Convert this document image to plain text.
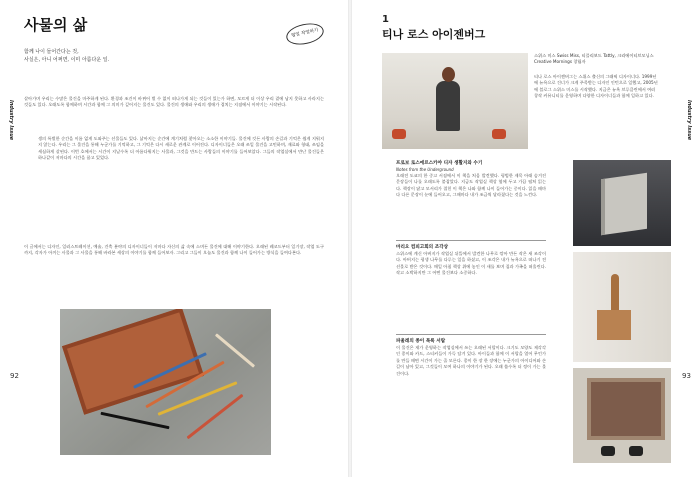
사물의 삶	협업 작업하기
함께 나이 들어간다는 것,
사실은, 아니 어쩌면, 이미 아름다운 일.
Industry Issue
살아가며 우리는 수많은 물건을 마주하게 된다. 환경과 조건이 바뀌어 별 수 없이 떠나가게 되는 것들이 있는가 하면, 모르게 더 이상 우리 곁에 남지 못하고 사라지는 것들도 있다. 오래도록 함께하며 시간과 함께 그 의미가 깊어지는 물건도 있다. 물건의 생애와 우리의 생애가 겹치는 지점에서 이야기는 시작된다.
생의 특별한 순간을 이름 없게 도와주는 선물들도 있다. 낡아지는 순간에 계기처럼 찾아오는 소소한 이야기들. 물건에 깃든 사람의 손길과 기억은 쉽게 지워지지 않는다. 우리는 그 물건을 통해 누군가를 기억하고, 그 기억은 다시 새로운 관계로 이어진다. 디자이너들은 오래 쓰일 물건을 고민하며, 재료와 형태, 쓰임을 세심하게 살핀다. 이번 호에서는 시간이 지날수록 더 아름다워지는 사물과, 그것을 만드는 사람들의 이야기를 들어보았다. 그들의 작업실에서 만난 물건들은 하나같이 저마다의 시간을 품고 있었다.
이 글에서는 디자인, 일러스트레이션, 예술, 건축 분야의 디자이너들이 저마다 자신의 삶 속에 스며든 물건에 대해 이야기한다. 오래된 레코드부터 일기장, 작업 도구까지, 각자가 아끼는 사물과 그 사물을 통해 바라본 세상의 이야기를 함께 들어보자. 그리고 그들이 오늘도 물건과 함께 나이 들어가는 방식을 들여다본다.
92
1
티나 로스 아이젠버그
Industry Issue
스위스 미스 Swiss Miss, 티플리보드 Tattly, 크리에이티브모닝스 Creative Mornings 창립자
티나 로스 아이젠버그는 스위스 출신의 그래픽 디자이너다. 1999년에 뉴욕으로 건너가 크게 주목받는 디자인 인턴으로 일했고, 2005년에 블로그 스위스 미스를 시작했다. 지금은 뉴욕 브루클린에서 여러 창작 커뮤니티를 운영하며 다양한 디자이너들과 함께 일하고 있다.
프로보 로스에르스카야 디자 생활지와 수기
Notes from the Underground
오래전 도쿄의 한 중고 서점에서 이 책을 처음 발견했다. 평범한 제목 아래 숨겨진 문장들이 나를 오래도록 붙잡았다. 지금도 작업실 책상 옆에 두고 가끔 펼쳐 읽는다. 책장이 닳고 모서리가 접힌 이 책은 나와 함께 나이 들어가는 중이다. 읽을 때마다 다른 문장이 눈에 들어오고, 그때마다 내가 조금씩 달라졌다는 것을 느낀다.
마리오 컴피고회의 조각상
스위스에 계신 아버지가 작업실 뒤뜰에서 발견한 나무로 깎아 만든 작은 새 조각이다. 아버지는 평생 나무를 다루는 일을 하셨고, 이 조각은 내가 뉴욕으로 떠나기 전 선물로 받은 것이다. 매일 아침 책상 위에 놓인 이 새를 보며 집과 가족을 떠올린다. 작고 소박하지만 그 어떤 물건보다 소중하다.
파울레의 종이 목록 서랍
이 물건은 제가 운영하는 작업실에서 쓰는 오래된 서랍이다. 크기도 모양도 제각각인 종이와 카드, 스티커들이 가득 담겨 있다. 아이들과 함께 이 서랍을 열어 무언가를 만들 때면 시간이 가는 줄 모른다. 종이 한 장 한 장에는 누군가의 아이디어와 손길이 남아 있고, 그것들이 모여 하나의 이야기가 된다. 오래 쓸수록 더 정이 가는 물건이다.	93
